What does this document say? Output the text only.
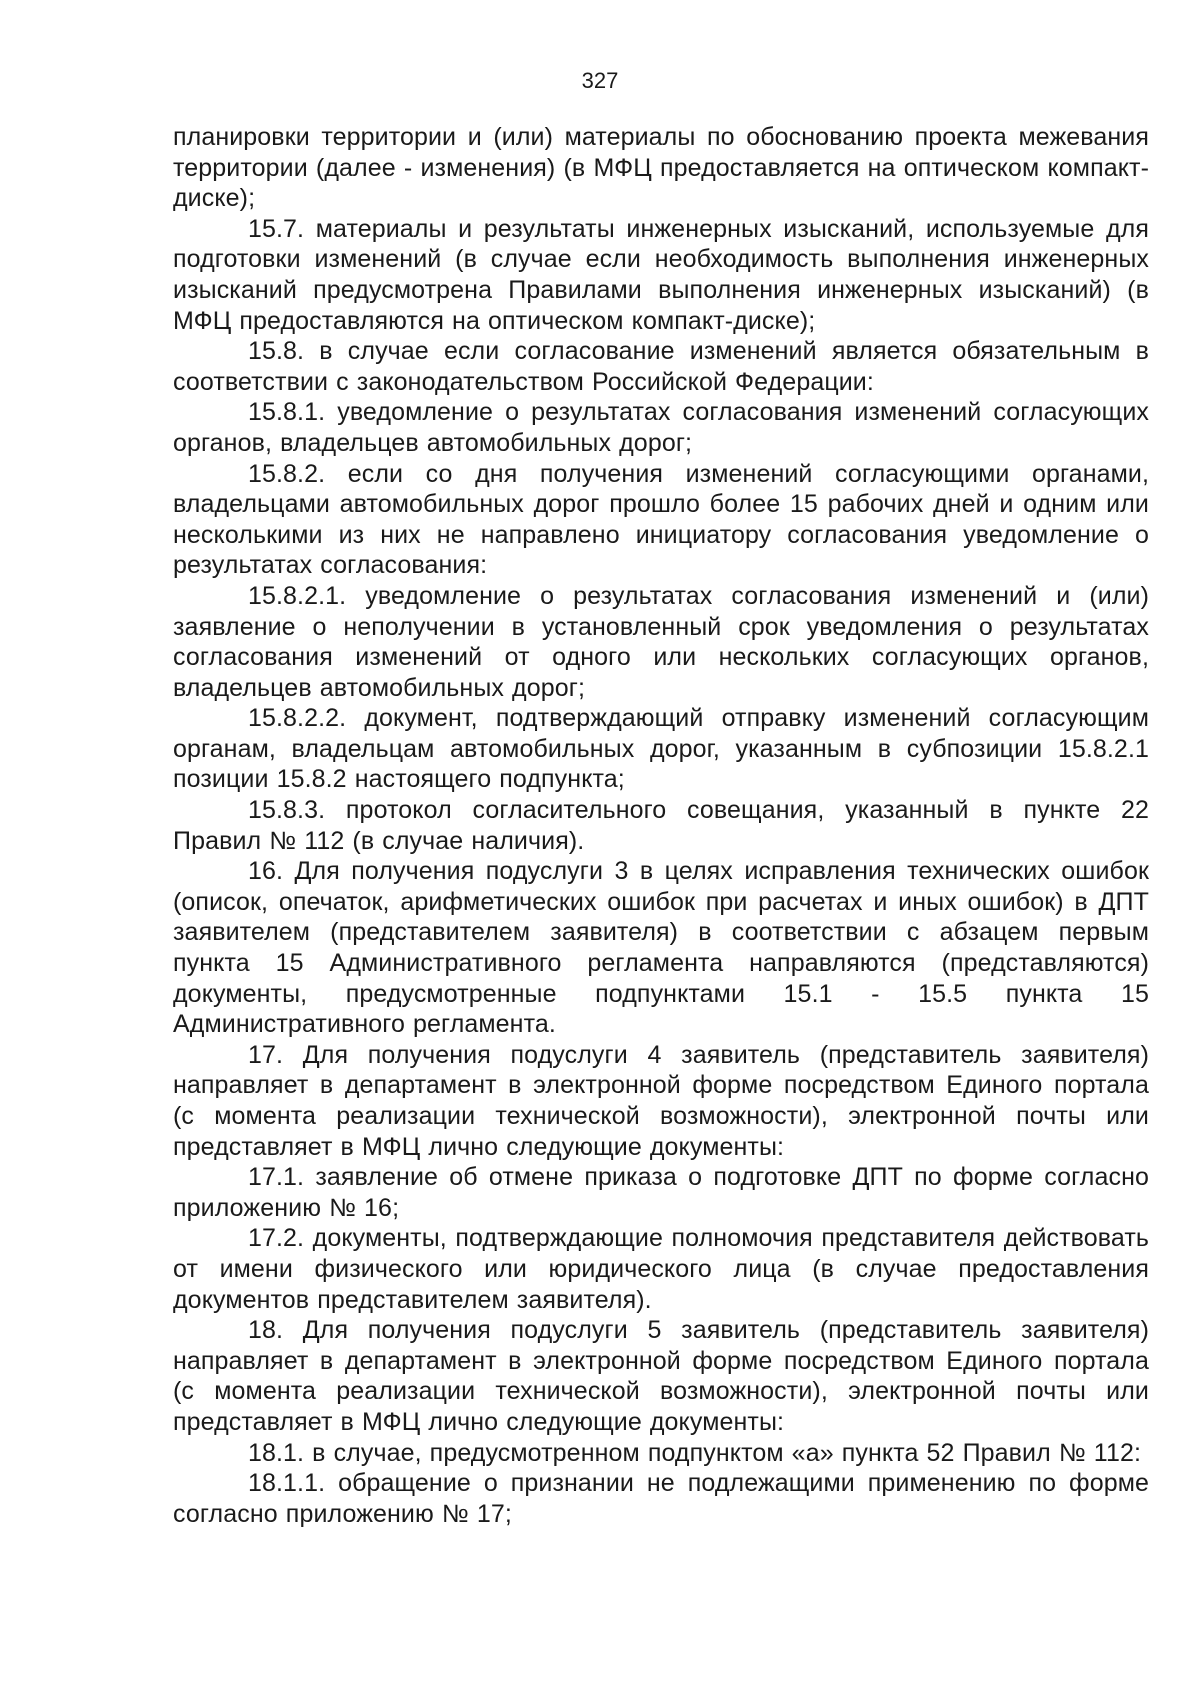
327

планировки территории и (или) материалы по обоснованию проекта межевания территории (далее - изменения) (в МФЦ предоставляется на оптическом компакт-диске);

15.7. материалы и результаты инженерных изысканий, используемые для подготовки изменений (в случае если необходимость выполнения инженерных изысканий предусмотрена Правилами выполнения инженерных изысканий) (в МФЦ предоставляются на оптическом компакт-диске);

15.8. в случае если согласование изменений является обязательным в соответствии с законодательством Российской Федерации:

15.8.1. уведомление о результатах согласования изменений согласующих органов, владельцев автомобильных дорог;

15.8.2. если со дня получения изменений согласующими органами, владельцами автомобильных дорог прошло более 15 рабочих дней и одним или несколькими из них не направлено инициатору согласования уведомление о результатах согласования:

15.8.2.1. уведомление о результатах согласования изменений и (или) заявление о неполучении в установленный срок уведомления о результатах согласования изменений от одного или нескольких согласующих органов, владельцев автомобильных дорог;

15.8.2.2. документ, подтверждающий отправку изменений согласующим органам, владельцам автомобильных дорог, указанным в субпозиции 15.8.2.1 позиции 15.8.2 настоящего подпункта;

15.8.3. протокол согласительного совещания, указанный в пункте 22 Правил № 112 (в случае наличия).

16. Для получения подуслуги 3 в целях исправления технических ошибок (описок, опечаток, арифметических ошибок при расчетах и иных ошибок) в ДПТ заявителем (представителем заявителя) в соответствии с абзацем первым пункта 15 Административного регламента направляются (представляются) документы, предусмотренные подпунктами 15.1 - 15.5 пункта 15 Административного регламента.

17. Для получения подуслуги 4 заявитель (представитель заявителя) направляет в департамент в электронной форме посредством Единого портала (с момента реализации технической возможности), электронной почты или представляет в МФЦ лично следующие документы:

17.1. заявление об отмене приказа о подготовке ДПТ по форме согласно приложению № 16;

17.2. документы, подтверждающие полномочия представителя действовать от имени физического или юридического лица (в случае предоставления документов представителем заявителя).

18. Для получения подуслуги 5 заявитель (представитель заявителя) направляет в департамент в электронной форме посредством Единого портала (с момента реализации технической возможности), электронной почты или представляет в МФЦ лично следующие документы:

18.1. в случае, предусмотренном подпунктом «а» пункта 52 Правил № 112:

18.1.1. обращение о признании не подлежащими применению по форме согласно приложению № 17;
